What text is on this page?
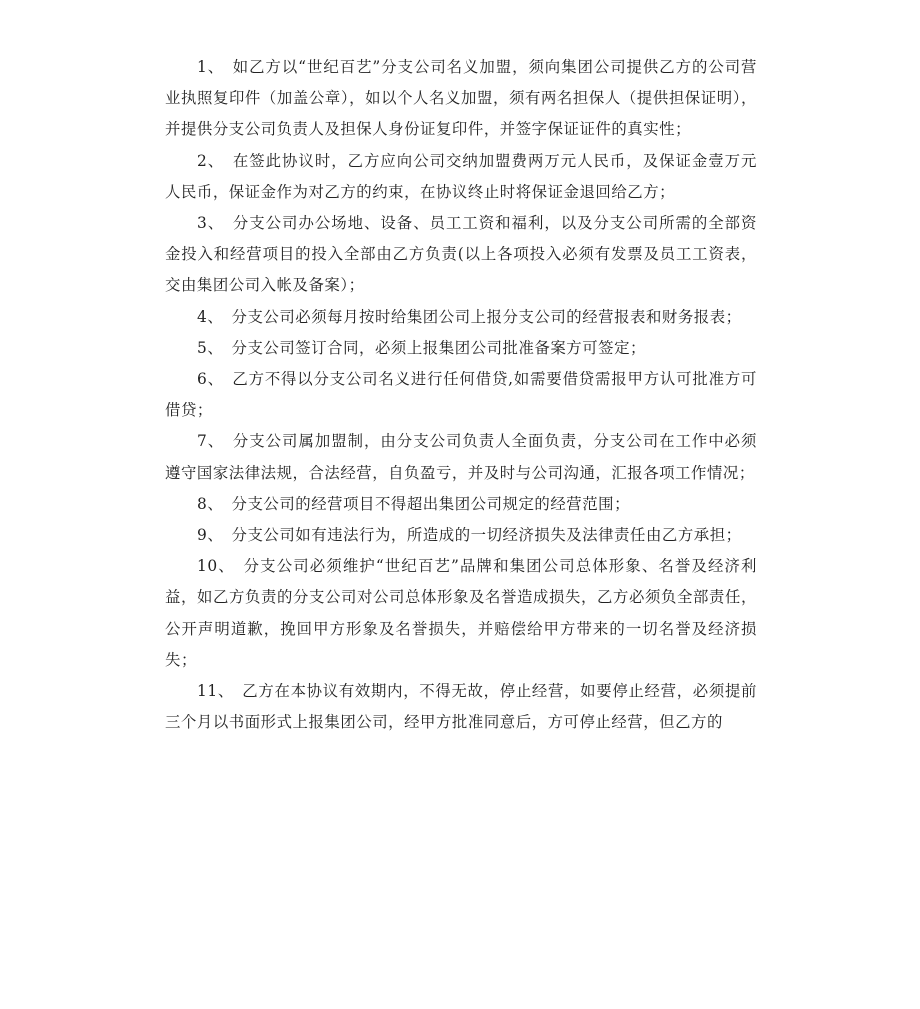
1、　如乙方以“世纪百艺”分支公司名义加盟，须向集团公司提供乙方的公司营业执照复印件（加盖公章），如以个人名义加盟，须有两名担保人（提供担保证明），并提供分支公司负责人及担保人身份证复印件，并签字保证证件的真实性；

2、　在签此协议时，乙方应向公司交纳加盟费两万元人民币，及保证金壹万元人民币，保证金作为对乙方的约束，在协议终止时将保证金退回给乙方；

3、　分支公司办公场地、设备、员工工资和福利，以及分支公司所需的全部资金投入和经营项目的投入全部由乙方负责(以上各项投入必须有发票及员工工资表，交由集团公司入帐及备案）；

4、　分支公司必须每月按时给集团公司上报分支公司的经营报表和财务报表；

5、　分支公司签订合同，必须上报集团公司批准备案方可签定；

6、　乙方不得以分支公司名义进行任何借贷,如需要借贷需报甲方认可批准方可借贷；

7、　分支公司属加盟制，由分支公司负责人全面负责，分支公司在工作中必须遵守国家法律法规，合法经营，自负盈亏，并及时与公司沟通，汇报各项工作情况；

8、　分支公司的经营项目不得超出集团公司规定的经营范围；

9、　分支公司如有违法行为，所造成的一切经济损失及法律责任由乙方承担；

10、　分支公司必须维护“世纪百艺”品牌和集团公司总体形象、名誉及经济利益，如乙方负责的分支公司对公司总体形象及名誉造成损失，乙方必须负全部责任，公开声明道歉，挽回甲方形象及名誉损失，并赔偿给甲方带来的一切名誉及经济损失；

11、　乙方在本协议有效期内，不得无故，停止经营，如要停止经营，必须提前三个月以书面形式上报集团公司，经甲方批准同意后，方可停止经营，但乙方的
